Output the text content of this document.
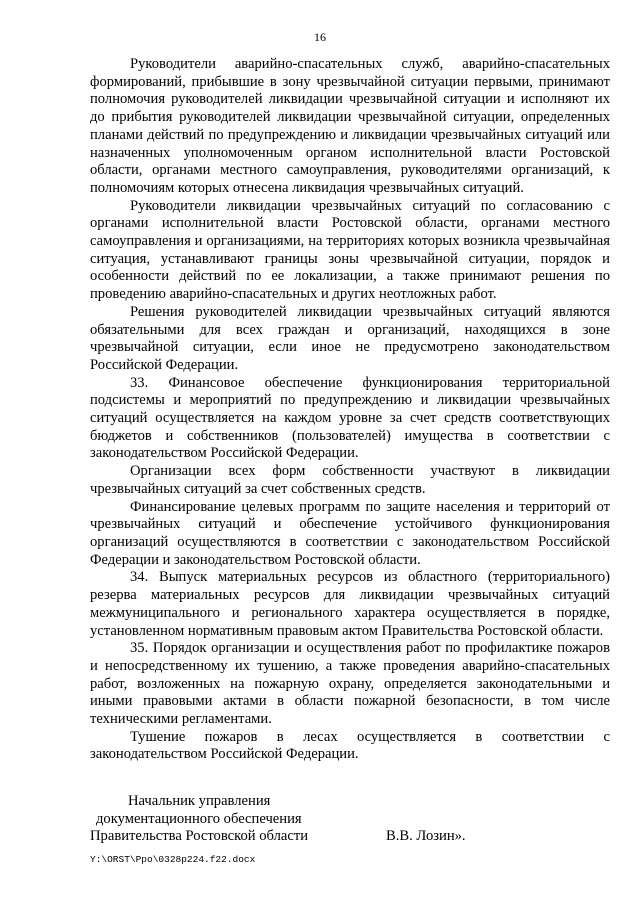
16

Руководители аварийно-спасательных служб, аварийно-спасательных формирований, прибывшие в зону чрезвычайной ситуации первыми, принимают полномочия руководителей ликвидации чрезвычайной ситуации и исполняют их до прибытия руководителей ликвидации чрезвычайной ситуации, определенных планами действий по предупреждению и ликвидации чрезвычайных ситуаций или назначенных уполномоченным органом исполнительной власти Ростовской области, органами местного самоуправления, руководителями организаций, к полномочиям которых отнесена ликвидация чрезвычайных ситуаций.

Руководители ликвидации чрезвычайных ситуаций по согласованию с органами исполнительной власти Ростовской области, органами местного самоуправления и организациями, на территориях которых возникла чрезвычайная ситуация, устанавливают границы зоны чрезвычайной ситуации, порядок и особенности действий по ее локализации, а также принимают решения по проведению аварийно-спасательных и других неотложных работ.

Решения руководителей ликвидации чрезвычайных ситуаций являются обязательными для всех граждан и организаций, находящихся в зоне чрезвычайной ситуации, если иное не предусмотрено законодательством Российской Федерации.

33. Финансовое обеспечение функционирования территориальной подсистемы и мероприятий по предупреждению и ликвидации чрезвычайных ситуаций осуществляется на каждом уровне за счет средств соответствующих бюджетов и собственников (пользователей) имущества в соответствии с законодательством Российской Федерации.

Организации всех форм собственности участвуют в ликвидации чрезвычайных ситуаций за счет собственных средств.

Финансирование целевых программ по защите населения и территорий от чрезвычайных ситуаций и обеспечение устойчивого функционирования организаций осуществляются в соответствии с законодательством Российской Федерации и законодательством Ростовской области.

34. Выпуск материальных ресурсов из областного (территориального) резерва материальных ресурсов для ликвидации чрезвычайных ситуаций межмуниципального и регионального характера осуществляется в порядке, установленном нормативным правовым актом Правительства Ростовской области.

35. Порядок организации и осуществления работ по профилактике пожаров и непосредственному их тушению, а также проведения аварийно-спасательных работ, возложенных на пожарную охрану, определяется законодательными и иными правовыми актами в области пожарной безопасности, в том числе техническими регламентами.

Тушение пожаров в лесах осуществляется в соответствии с законодательством Российской Федерации.

Начальник управления
документационного обеспечения
Правительства Ростовской области	В.В. Лозин».
Y:\ORST\Ppo\0328p224.f22.docx
